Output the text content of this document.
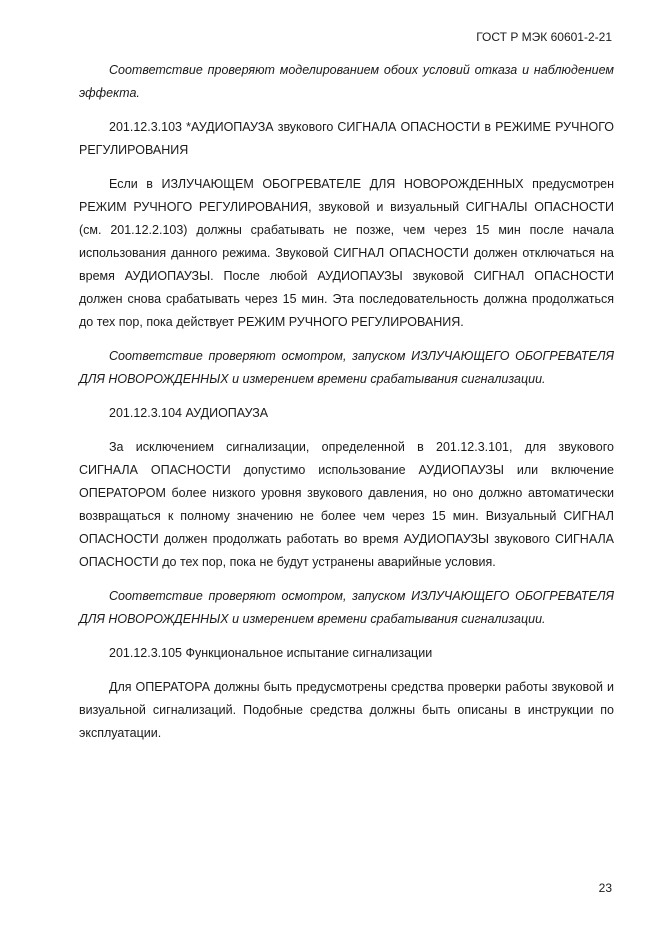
ГОСТ Р МЭК 60601-2-21

Соответствие проверяют моделированием обоих условий отказа и наблюдением эффекта.

201.12.3.103 *АУДИОПАУЗА звукового СИГНАЛА ОПАСНОСТИ в РЕЖИМЕ РУЧНОГО РЕГУЛИРОВАНИЯ

Если в ИЗЛУЧАЮЩЕМ ОБОГРЕВАТЕЛЕ ДЛЯ НОВОРОЖДЕННЫХ предусмотрен РЕЖИМ РУЧНОГО РЕГУЛИРОВАНИЯ, звуковой и визуальный СИГНАЛЫ ОПАСНОСТИ (см. 201.12.2.103) должны срабатывать не позже, чем через 15 мин после начала использования данного режима. Звуковой СИГНАЛ ОПАСНОСТИ должен отключаться на время АУДИОПАУЗЫ. После любой АУДИОПАУЗЫ звуковой СИГНАЛ ОПАСНОСТИ должен снова срабатывать через 15 мин. Эта последовательность должна продолжаться до тех пор, пока действует РЕЖИМ РУЧНОГО РЕГУЛИРОВАНИЯ.

Соответствие проверяют осмотром, запуском ИЗЛУЧАЮЩЕГО ОБОГРЕВАТЕЛЯ ДЛЯ НОВОРОЖДЕННЫХ и измерением времени срабатывания сигнализации.

201.12.3.104 АУДИОПАУЗА

За исключением сигнализации, определенной в 201.12.3.101, для звукового СИГНАЛА ОПАСНОСТИ допустимо использование АУДИОПАУЗЫ или включение ОПЕРАТОРОМ более низкого уровня звукового давления, но оно должно автоматически возвращаться к полному значению не более чем через 15 мин. Визуальный СИГНАЛ ОПАСНОСТИ должен продолжать работать во время АУДИОПАУЗЫ звукового СИГНАЛА ОПАСНОСТИ до тех пор, пока не будут устранены аварийные условия.

Соответствие проверяют осмотром, запуском ИЗЛУЧАЮЩЕГО ОБОГРЕВАТЕЛЯ ДЛЯ НОВОРОЖДЕННЫХ и измерением времени срабатывания сигнализации.

201.12.3.105 Функциональное испытание сигнализации

Для ОПЕРАТОРА должны быть предусмотрены средства проверки работы звуковой и визуальной сигнализаций. Подобные средства должны быть описаны в инструкции по эксплуатации.

23
